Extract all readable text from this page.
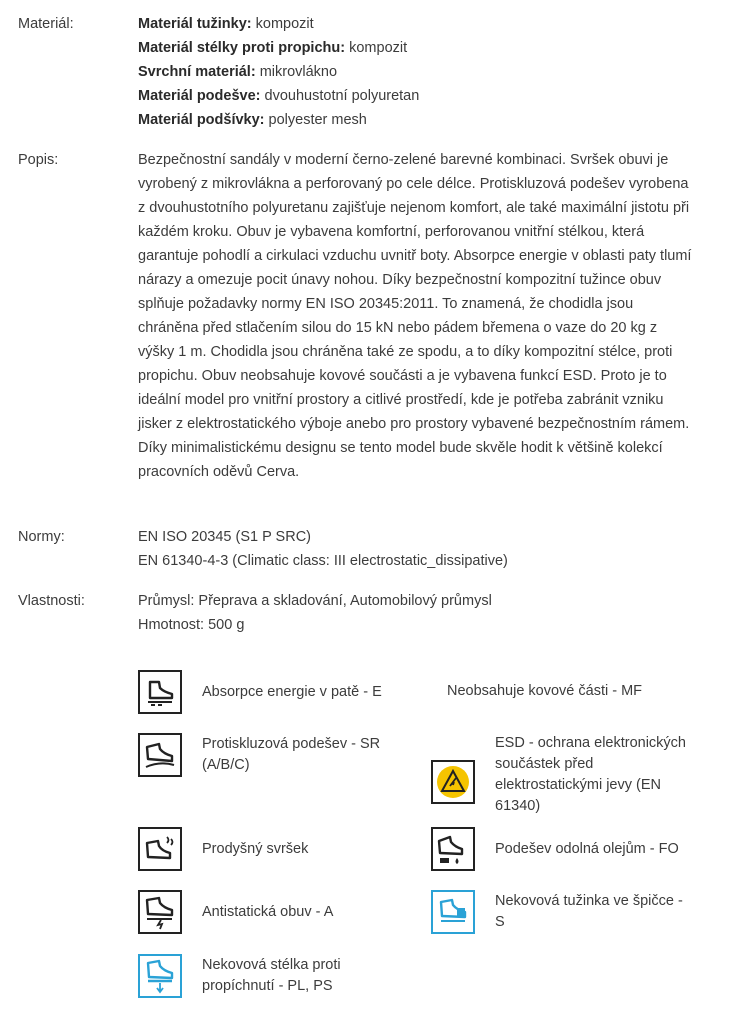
Materiál:	Materiál tužinky: kompozit
Materiál stélky proti propichu: kompozit
Svrchní materiál: mikrovlákno
Materiál podešve: dvouhustotní polyuretan
Materiál podšívky: polyester mesh
Popis:	Bezpečnostní sandály v moderní černo-zelené barevné kombinaci. Svršek obuvi je vyrobený z mikrovlákna a perforovaný po cele délce. Protiskluzová podešev vyrobena z dvouhustotního polyuretanu zajišťuje nejenom komfort, ale také maximální jistotu při každém kroku. Obuv je vybavena komfortní, perforovanou vnitřní stélkou, která garantuje pohodlí a cirkulaci vzduchu uvnitř boty. Absorpce energie v oblasti paty tlumí nárazy a omezuje pocit únavy nohou. Díky bezpečnostní kompozitní tužince obuv splňuje požadavky normy EN ISO 20345:2011. To znamená, že chodidla jsou chráněna před stlačením silou do 15 kN nebo pádem břemena o vaze do 20 kg z výšky 1 m. Chodidla jsou chráněna také ze spodu, a to díky kompozitní stélce, proti propichu. Obuv neobsahuje kovové součásti a je vybavena funkcí ESD. Proto je to ideální model pro vnitřní prostory a citlivé prostředí, kde je potřeba zabránit vzniku jisker z elektrostatického výboje anebo pro prostory vybavené bezpečnostním rámem. Díky minimalistickému designu se tento model bude skvěle hodit k většině kolekcí pracovních oděvů Cerva.
Normy:	EN ISO 20345 (S1 P SRC)
EN 61340-4-3 (Climatic class: III electrostatic_dissipative)
Vlastnosti:	Průmysl: Přeprava a skladování, Automobilový průmysl
Hmotnost: 500 g
Absorpce energie v patě - E	Neobsahuje kovové části - MF
Protiskluzová podešev - SR (A/B/C)
ESD - ochrana elektronických součástek před elektrostatickými jevy (EN 61340)
Prodyšný svršek	Podešev odolná olejům - FO
Antistatická obuv - A
Nekovová tužinka ve špičce - S
Nekovová stélka proti propíchnutí - PL, PS
